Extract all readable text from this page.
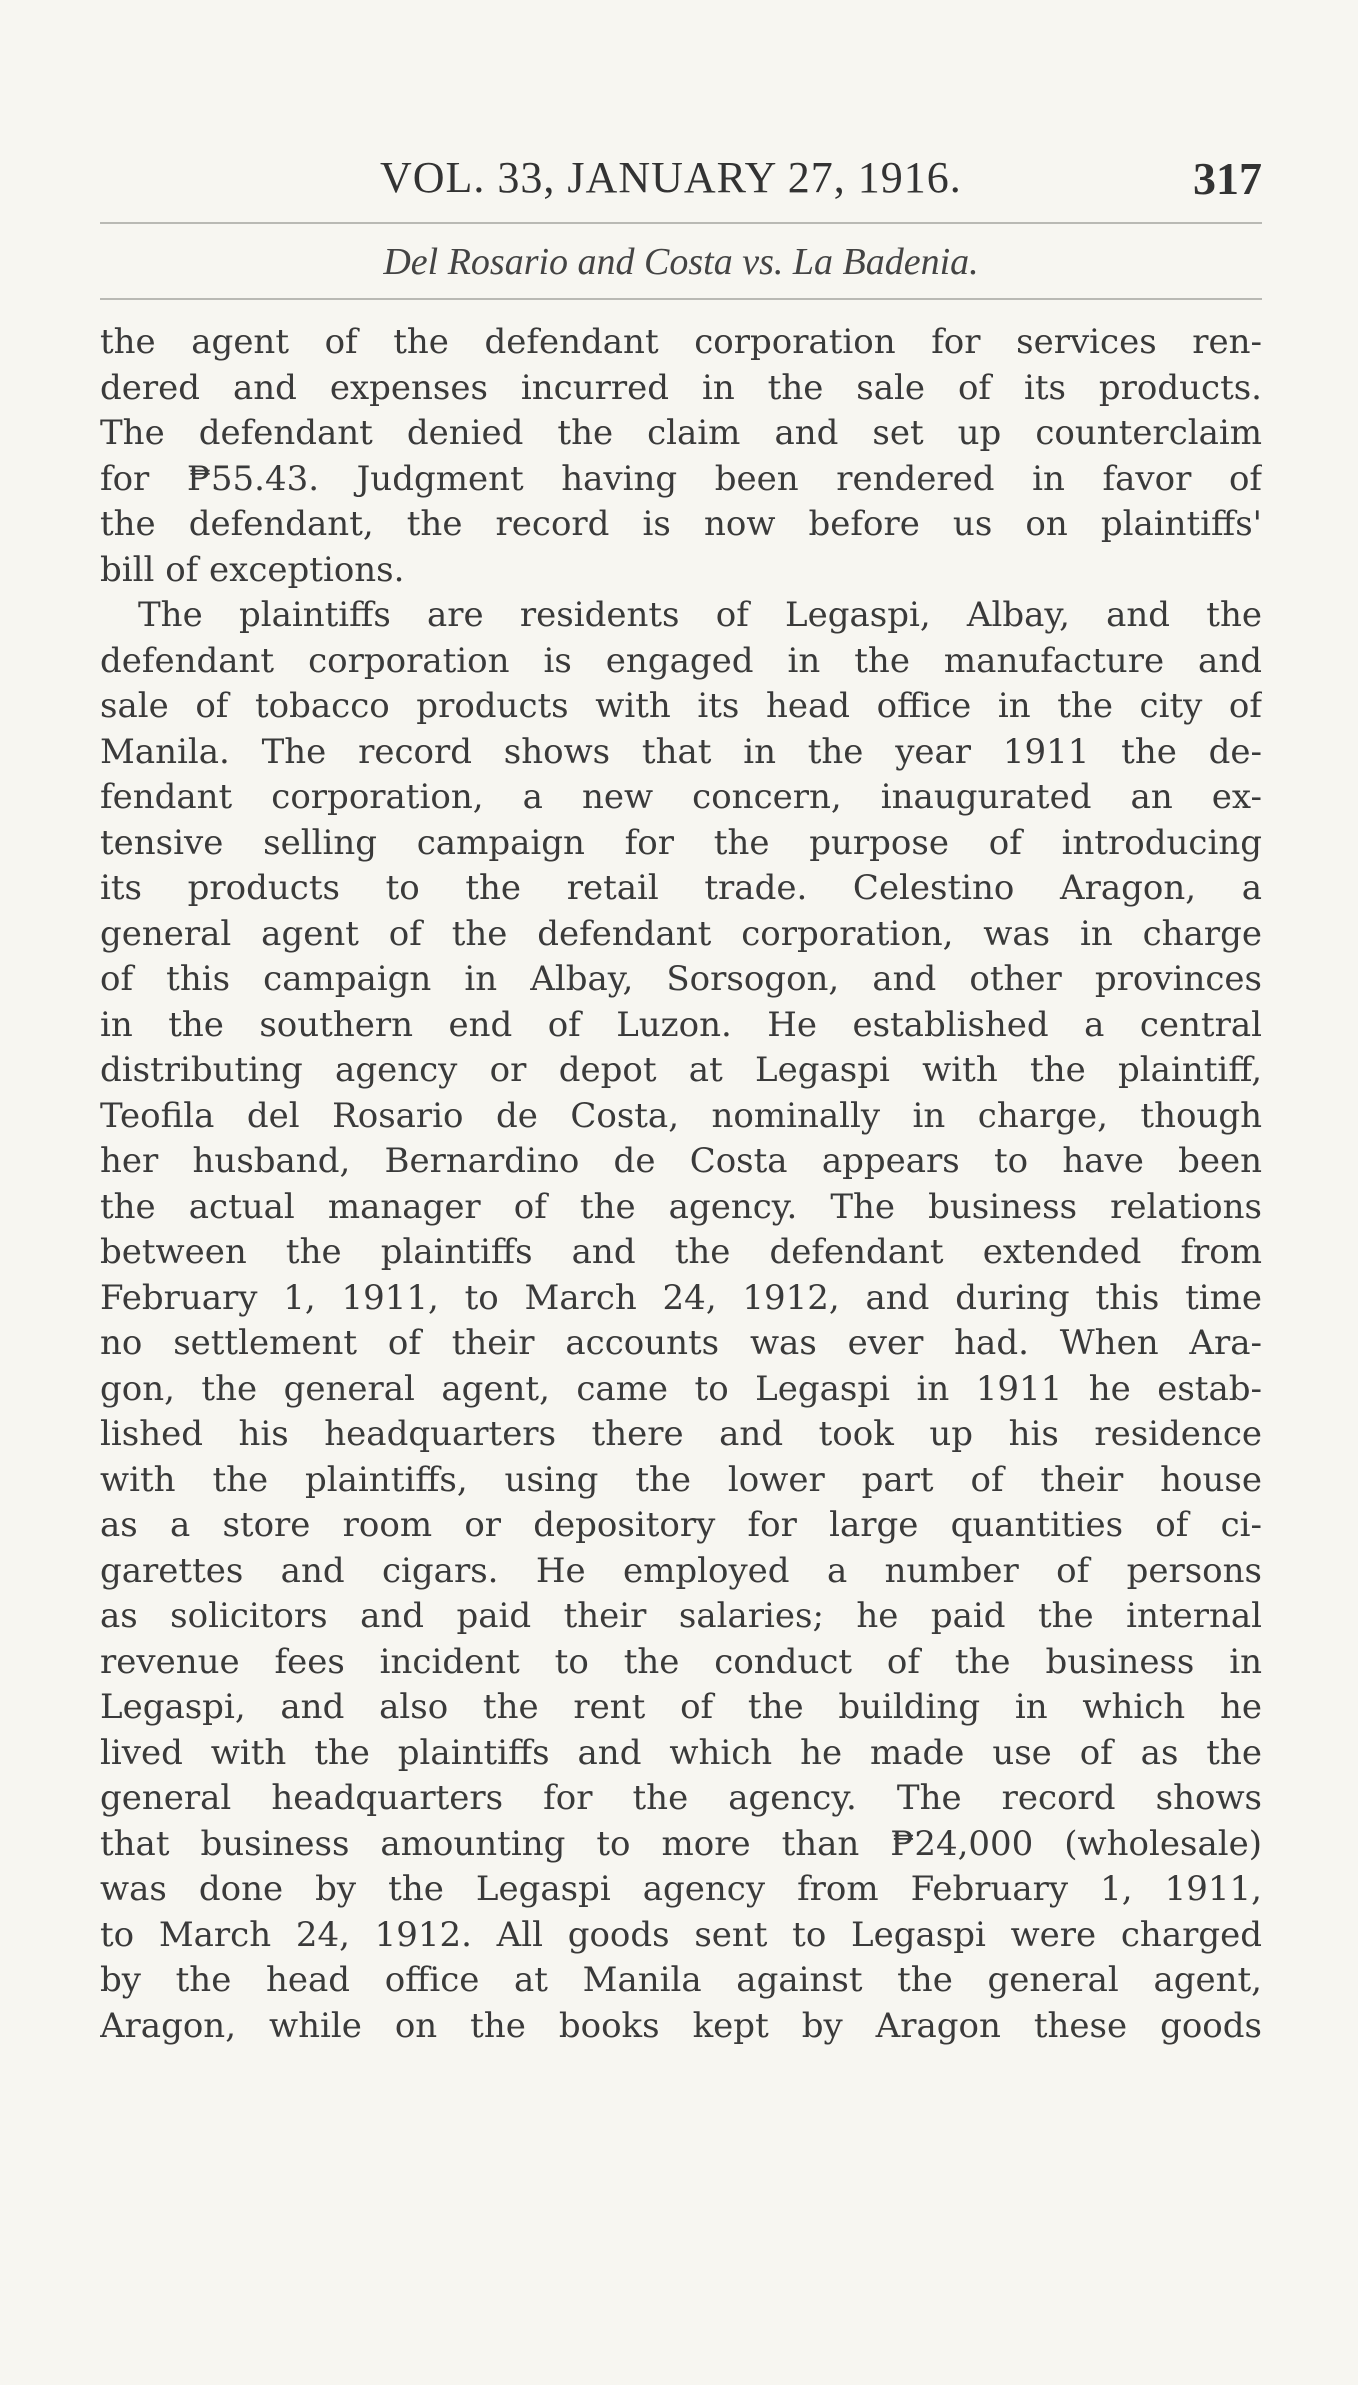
VOL. 33, JANUARY 27, 1916.	317
Del Rosario and Costa vs. La Badenia.
the agent of the defendant corporation for services ren-
dered and expenses incurred in the sale of its products.
The defendant denied the claim and set up counterclaim
for ₱55.43. Judgment having been rendered in favor of
the defendant, the record is now before us on plaintiffs'
bill of exceptions.
The plaintiffs are residents of Legaspi, Albay, and the
defendant corporation is engaged in the manufacture and
sale of tobacco products with its head office in the city of
Manila. The record shows that in the year 1911 the de-
fendant corporation, a new concern, inaugurated an ex-
tensive selling campaign for the purpose of introducing
its products to the retail trade. Celestino Aragon, a
general agent of the defendant corporation, was in charge
of this campaign in Albay, Sorsogon, and other provinces
in the southern end of Luzon. He established a central
distributing agency or depot at Legaspi with the plaintiff,
Teofila del Rosario de Costa, nominally in charge, though
her husband, Bernardino de Costa appears to have been
the actual manager of the agency. The business relations
between the plaintiffs and the defendant extended from
February 1, 1911, to March 24, 1912, and during this time
no settlement of their accounts was ever had. When Ara-
gon, the general agent, came to Legaspi in 1911 he estab-
lished his headquarters there and took up his residence
with the plaintiffs, using the lower part of their house
as a store room or depository for large quantities of ci-
garettes and cigars. He employed a number of persons
as solicitors and paid their salaries; he paid the internal
revenue fees incident to the conduct of the business in
Legaspi, and also the rent of the building in which he
lived with the plaintiffs and which he made use of as the
general headquarters for the agency. The record shows
that business amounting to more than ₱24,000 (wholesale)
was done by the Legaspi agency from February 1, 1911,
to March 24, 1912. All goods sent to Legaspi were charged
by the head office at Manila against the general agent,
Aragon, while on the books kept by Aragon these goods
